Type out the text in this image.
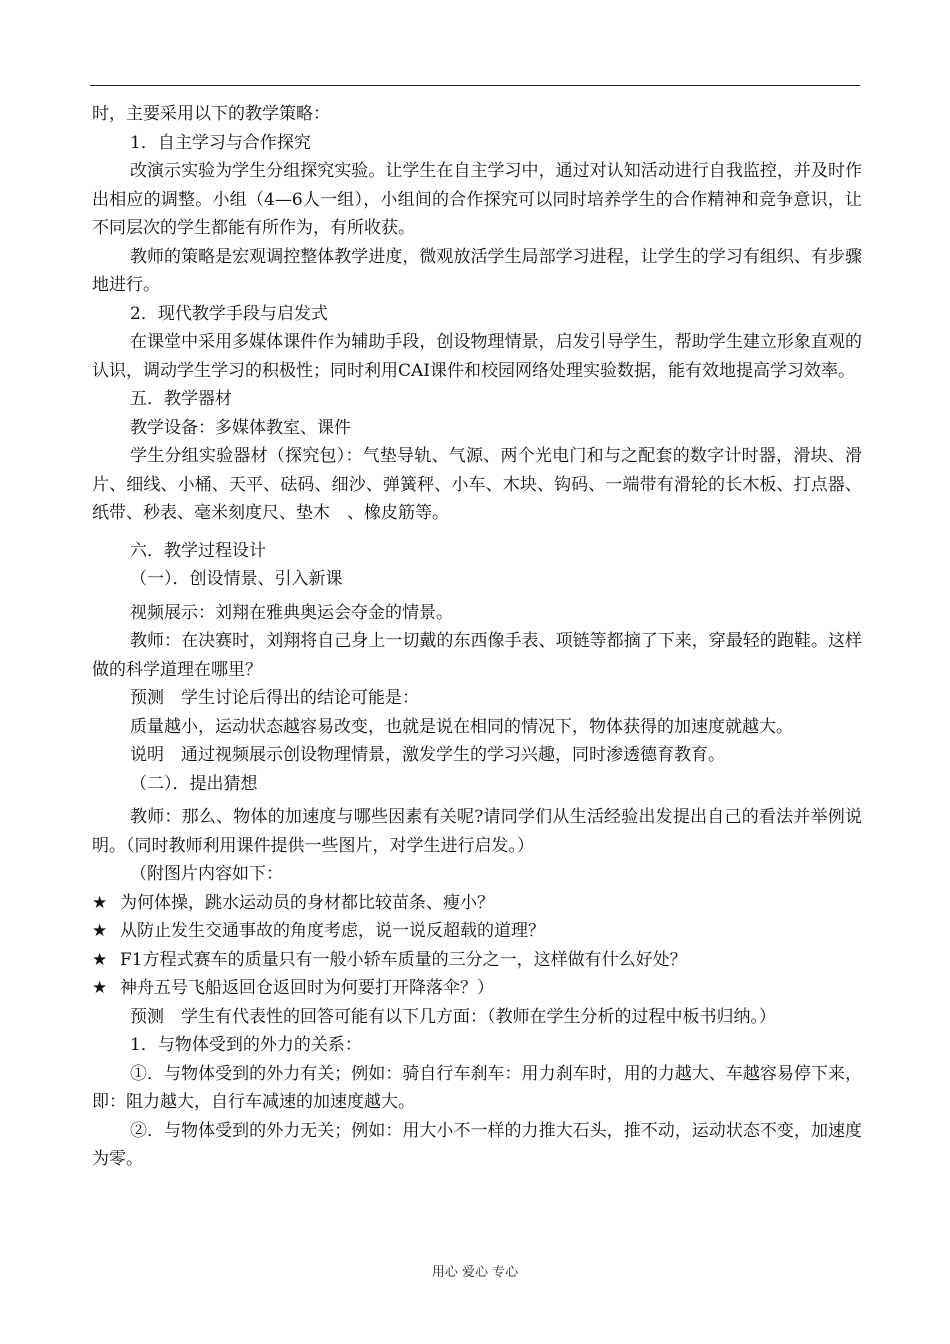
时，主要采用以下的教学策略：

1．自主学习与合作探究

改演示实验为学生分组探究实验。让学生在自主学习中，通过对认知活动进行自我监控，并及时作出相应的调整。小组（4—6人一组），小组间的合作探究可以同时培养学生的合作精神和竞争意识，让不同层次的学生都能有所作为，有所收获。

教师的策略是宏观调控整体教学进度，微观放活学生局部学习进程，让学生的学习有组织、有步骤地进行。

2．现代教学手段与启发式

在课堂中采用多媒体课件作为辅助手段，创设物理情景，启发引导学生，帮助学生建立形象直观的认识，调动学生学习的积极性；同时利用CAI课件和校园网络处理实验数据，能有效地提高学习效率。

五．教学器材

教学设备：多媒体教室、课件

学生分组实验器材（探究包）：气垫导轨、气源、两个光电门和与之配套的数字计时器，滑块、滑片、细线、小桶、天平、砝码、细沙、弹簧秤、小车、木块、钩码、一端带有滑轮的长木板、打点器、纸带、秒表、毫米刻度尺、垫木　、橡皮筋等。

六．教学过程设计

（一）．创设情景、引入新课

视频展示：刘翔在雅典奥运会夺金的情景。

教师：在决赛时，刘翔将自己身上一切戴的东西像手表、项链等都摘了下来，穿最轻的跑鞋。这样做的科学道理在哪里？

预测　学生讨论后得出的结论可能是：

质量越小，运动状态越容易改变，也就是说在相同的情况下，物体获得的加速度就越大。

说明　通过视频展示创设物理情景，激发学生的学习兴趣，同时渗透德育教育。

（二）．提出猜想

教师：那么、物体的加速度与哪些因素有关呢?请同学们从生活经验出发提出自己的看法并举例说明。（同时教师利用课件提供一些图片，对学生进行启发。）

（附图片内容如下：

★ 为何体操，跳水运动员的身材都比较苗条、瘦小？

★ 从防止发生交通事故的角度考虑，说一说反超载的道理？

★ F1方程式赛车的质量只有一般小轿车质量的三分之一，这样做有什么好处？

★ 神舟五号飞船返回仓返回时为何要打开降落伞？）

预测　学生有代表性的回答可能有以下几方面：（教师在学生分析的过程中板书归纳。）

1．与物体受到的外力的关系：

①．与物体受到的外力有关；例如：骑自行车刹车：用力刹车时，用的力越大、车越容易停下来，即：阻力越大，自行车减速的加速度越大。

②．与物体受到的外力无关；例如：用大小不一样的力推大石头，推不动，运动状态不变，加速度为零。

用心 爱心 专心
